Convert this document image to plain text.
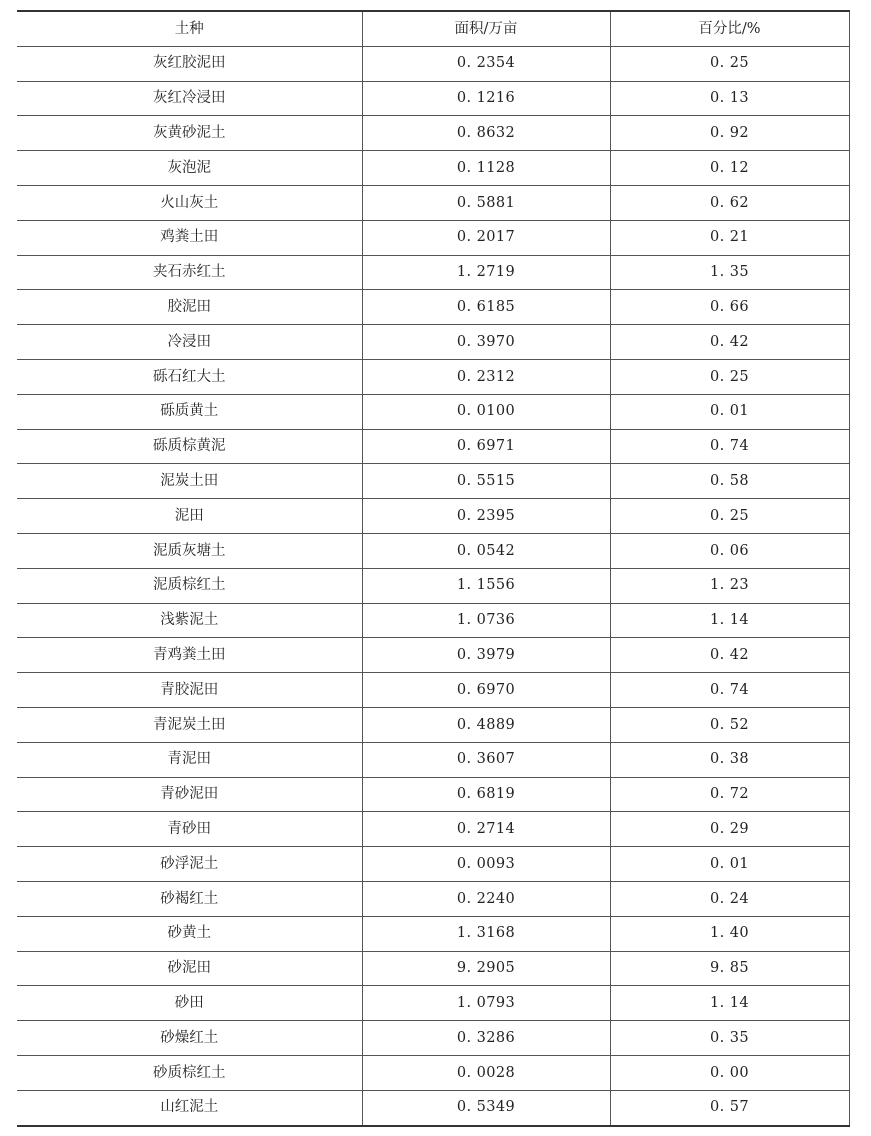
土种	面积/万亩	百分比/%
灰红胶泥田	0. 2354	0. 25
灰红冷浸田	0. 1216	0. 13
灰黄砂泥土	0. 8632	0. 92
灰泡泥	0. 1128	0. 12
火山灰土	0. 5881	0. 62
鸡粪土田	0. 2017	0. 21
夹石赤红土	1. 2719	1. 35
胶泥田	0. 6185	0. 66
冷浸田	0. 3970	0. 42
砾石红大土	0. 2312	0. 25
砾质黄土	0. 0100	0. 01
砾质棕黄泥	0. 6971	0. 74
泥炭土田	0. 5515	0. 58
泥田	0. 2395	0. 25
泥质灰塘土	0. 0542	0. 06
泥质棕红土	1. 1556	1. 23
浅紫泥土	1. 0736	1. 14
青鸡粪土田	0. 3979	0. 42
青胶泥田	0. 6970	0. 74
青泥炭土田	0. 4889	0. 52
青泥田	0. 3607	0. 38
青砂泥田	0. 6819	0. 72
青砂田	0. 2714	0. 29
砂浮泥土	0. 0093	0. 01
砂褐红土	0. 2240	0. 24
砂黄土	1. 3168	1. 40
砂泥田	9. 2905	9. 85
砂田	1. 0793	1. 14
砂燥红土	0. 3286	0. 35
砂质棕红土	0. 0028	0. 00
山红泥土	0. 5349	0. 57
